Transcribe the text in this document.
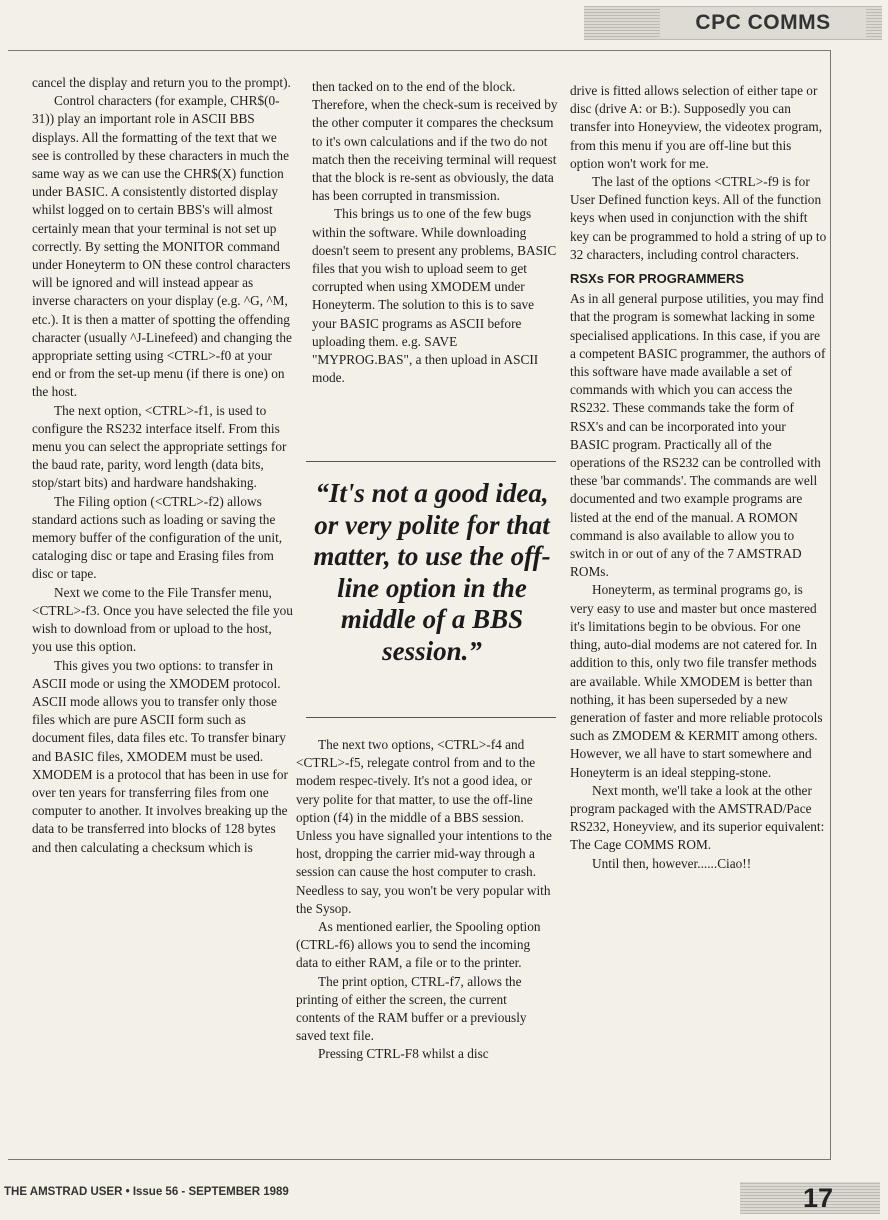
CPC COMMS

cancel the display and return you to the prompt).

Control characters (for example, CHR$(0-31)) play an important role in ASCII BBS displays. All the formatting of the text that we see is controlled by these characters in much the same way as we can use the CHR$(X) function under BASIC. A consistently distorted display whilst logged on to certain BBS's will almost certainly mean that your terminal is not set up correctly. By setting the MONITOR command under Honeyterm to ON these control characters will be ignored and will instead appear as inverse characters on your display (e.g. ^G, ^M, etc.). It is then a matter of spotting the offending character (usually ^J-Linefeed) and changing the appropriate setting using <CTRL>-f0 at your end or from the set-up menu (if there is one) on the host.

The next option, <CTRL>-f1, is used to configure the RS232 interface itself. From this menu you can select the appropriate settings for the baud rate, parity, word length (data bits, stop/start bits) and hardware handshaking.

The Filing option (<CTRL>-f2) allows standard actions such as loading or saving the memory buffer of the configuration of the unit, cataloging disc or tape and Erasing files from disc or tape.

Next we come to the File Transfer menu, <CTRL>-f3. Once you have selected the file you wish to download from or upload to the host, you use this option.

This gives you two options: to transfer in ASCII mode or using the XMODEM protocol. ASCII mode allows you to transfer only those files which are pure ASCII form such as document files, data files etc. To transfer binary and BASIC files, XMODEM must be used. XMODEM is a protocol that has been in use for over ten years for transferring files from one computer to another. It involves breaking up the data to be transferred into blocks of 128 bytes and then calculating a checksum which is

then tacked on to the end of the block. Therefore, when the check-sum is received by the other computer it compares the checksum to it's own calculations and if the two do not match then the receiving terminal will request that the block is re-sent as obviously, the data has been corrupted in transmission.

This brings us to one of the few bugs within the software. While downloading doesn't seem to present any problems, BASIC files that you wish to upload seem to get corrupted when using XMODEM under Honeyterm. The solution to this is to save your BASIC programs as ASCII before uploading them. e.g. SAVE "MYPROG.BAS", a then upload in ASCII mode.

“It's not a good idea, or very polite for that matter, to use the off-line option in the middle of a BBS session.”

The next two options, <CTRL>-f4 and <CTRL>-f5, relegate control from and to the modem respec-tively. It's not a good idea, or very polite for that matter, to use the off-line option (f4) in the middle of a BBS session. Unless you have signalled your intentions to the host, dropping the carrier mid-way through a session can cause the host computer to crash. Needless to say, you won't be very popular with the Sysop.

As mentioned earlier, the Spooling option (CTRL-f6) allows you to send the incoming data to either RAM, a file or to the printer.

The print option, CTRL-f7, allows the printing of either the screen, the current contents of the RAM buffer or a previously saved text file.

Pressing CTRL-F8 whilst a disc

drive is fitted allows selection of either tape or disc (drive A: or B:). Supposedly you can transfer into Honeyview, the videotex program, from this menu if you are off-line but this option won't work for me.

The last of the options <CTRL>-f9 is for User Defined function keys. All of the function keys when used in conjunction with the shift key can be programmed to hold a string of up to 32 characters, including control characters.

RSXs FOR PROGRAMMERS

As in all general purpose utilities, you may find that the program is somewhat lacking in some specialised applications. In this case, if you are a competent BASIC programmer, the authors of this software have made available a set of commands with which you can access the RS232. These commands take the form of RSX's and can be incorporated into your BASIC program. Practically all of the operations of the RS232 can be controlled with these 'bar commands'. The commands are well documented and two example programs are listed at the end of the manual. A ROMON command is also available to allow you to switch in or out of any of the 7 AMSTRAD ROMs.

Honeyterm, as terminal programs go, is very easy to use and master but once mastered it's limitations begin to be obvious. For one thing, auto-dial modems are not catered for. In addition to this, only two file transfer methods are available. While XMODEM is better than nothing, it has been superseded by a new generation of faster and more reliable protocols such as ZMODEM & KERMIT among others. However, we all have to start somewhere and Honeyterm is an ideal stepping-stone.

Next month, we'll take a look at the other program packaged with the AMSTRAD/Pace RS232, Honeyview, and its superior equivalent: The Cage COMMS ROM.

Until then, however......Ciao!!

THE AMSTRAD USER • Issue 56 - SEPTEMBER 1989	17
